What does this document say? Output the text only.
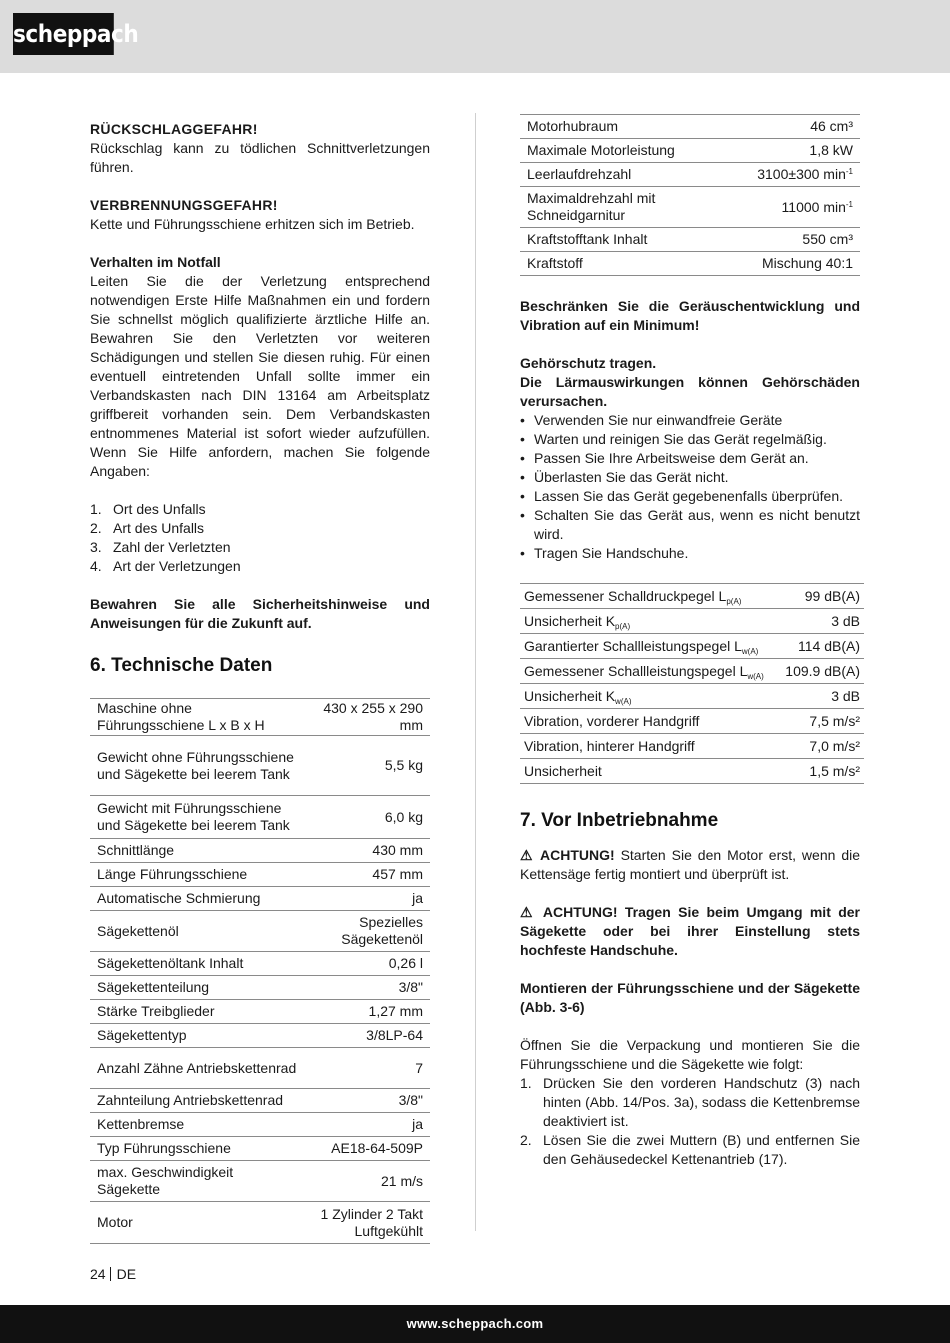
scheppach
RÜCKSCHLAGGEFAHR!
Rückschlag kann zu tödlichen Schnittverletzungen führen.
VERBRENNUNGSGEFAHR!
Kette und Führungsschiene erhitzen sich im Betrieb.
Verhalten im Notfall
Leiten Sie die der Verletzung entsprechend notwendigen Erste Hilfe Maßnahmen ein und fordern Sie schnellst möglich qualifizierte ärztliche Hilfe an. Bewahren Sie den Verletzten vor weiteren Schädigungen und stellen Sie diesen ruhig. Für einen eventuell eintretenden Unfall sollte immer ein Verbandskasten nach DIN 13164 am Arbeitsplatz griffbereit vorhanden sein. Dem Verbandskasten entnommenes Material ist sofort wieder aufzufüllen. Wenn Sie Hilfe anfordern, machen Sie folgende Angaben:
1. Ort des Unfalls
2. Art des Unfalls
3. Zahl der Verletzten
4. Art der Verletzungen
Bewahren Sie alle Sicherheitshinweise und Anweisungen für die Zukunft auf.
6. Technische Daten
Maschine ohne Führungsschiene L x B x H	430 x 255 x 290 mm
Gewicht ohne Führungsschiene und Sägekette bei leerem Tank	5,5 kg
Gewicht mit Führungsschiene und Sägekette bei leerem Tank	6,0 kg
Schnittlänge	430 mm
Länge Führungsschiene	457 mm
Automatische Schmierung	ja
Sägekettenöl	Spezielles Sägekettenöl
Sägekettenöltank Inhalt	0,26 l
Sägekettenteilung	3/8"
Stärke Treibglieder	1,27 mm
Sägekettentyp	3/8LP-64
Anzahl Zähne Antriebskettenrad	7
Zahnteilung Antriebskettenrad	3/8"
Kettenbremse	ja
Typ Führungsschiene	AE18-64-509P
max. Geschwindigkeit Sägekette	21 m/s
Motor	1 Zylinder 2 Takt Luftgekühlt
Motorhubraum	46 cm³
Maximale Motorleistung	1,8 kW
Leerlaufdrehzahl	3100±300 $\min^{-1}$
Maximaldrehzahl mit Schneidgarnitur	11000 $\min^{-1}$
Kraftstofftank Inhalt	550 cm³
Kraftstoff	Mischung 40:1
Beschränken Sie die Geräuschentwicklung und Vibration auf ein Minimum!
Gehörschutz tragen.
Die Lärmauswirkungen können Gehörschäden verursachen.
• Verwenden Sie nur einwandfreie Geräte
• Warten und reinigen Sie das Gerät regelmäßig.
• Passen Sie Ihre Arbeitsweise dem Gerät an.
• Überlasten Sie das Gerät nicht.
• Lassen Sie das Gerät gegebenenfalls überprüfen.
• Schalten Sie das Gerät aus, wenn es nicht benutzt wird.
• Tragen Sie Handschuhe.
Gemessener Schalldruckpegel $L_{p(A)}$	99 dB(A)
Unsicherheit $K_{p(A)}$	3 dB
Garantierter Schallleistungspegel $L_{w(A)}$	114 dB(A)
Gemessener Schallleistungspegel $L_{w(A)}$	109.9 dB(A)
Unsicherheit $K_{w(A)}$	3 dB
Vibration, vorderer Handgriff	7,5 m/s²
Vibration, hinterer Handgriff	7,0 m/s²
Unsicherheit	1,5 m/s²
7. Vor Inbetriebnahme
⚠ ACHTUNG! Starten Sie den Motor erst, wenn die Kettensäge fertig montiert und überprüft ist.
⚠ ACHTUNG! Tragen Sie beim Umgang mit der Sägekette oder bei ihrer Einstellung stets hochfeste Handschuhe.
Montieren der Führungsschiene und der Sägekette (Abb. 3-6)
Öffnen Sie die Verpackung und montieren Sie die Führungsschiene und die Sägekette wie folgt:
1. Drücken Sie den vorderen Handschutz (3) nach hinten (Abb. 14/Pos. 3a), sodass die Kettenbremse deaktiviert ist.
2. Lösen Sie die zwei Muttern (B) und entfernen Sie den Gehäusedeckel Kettenantrieb (17).
24 DE
www.scheppach.com
